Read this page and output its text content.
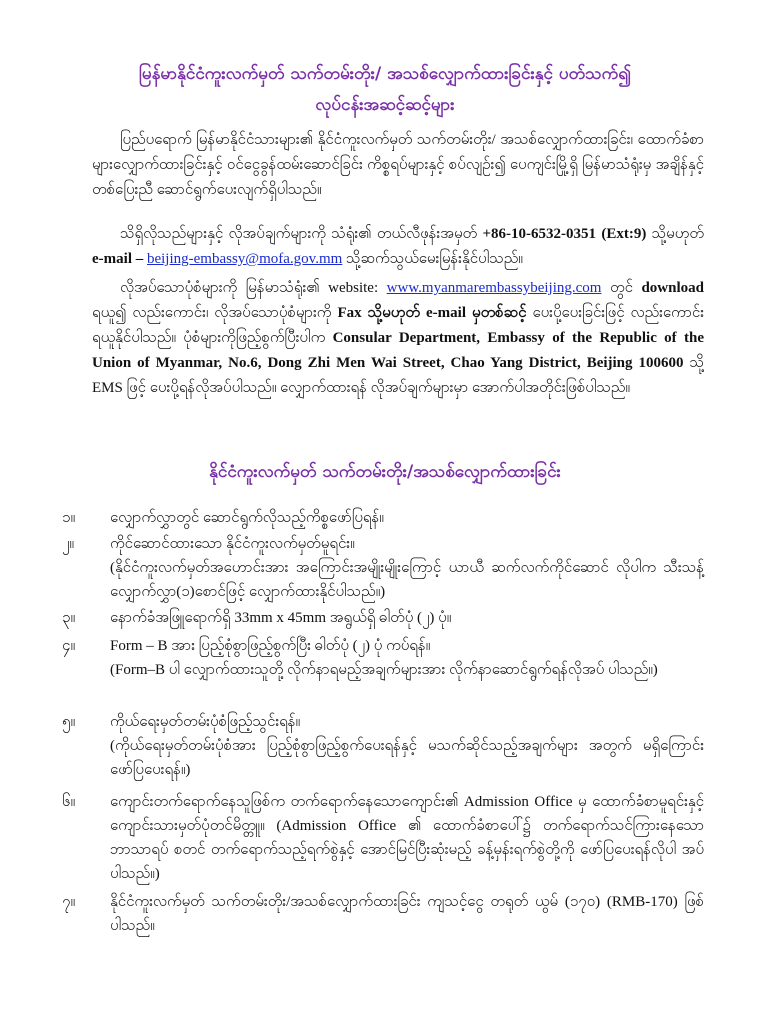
မြန်မာနိုင်ငံကူးလက်မှတ် သက်တမ်းတိုး/ အသစ်လျှောက်ထားခြင်းနှင့် ပတ်သက်၍
လုပ်ငန်းအဆင့်ဆင့်များ
ပြည်ပရောက် မြန်မာနိုင်ငံသားများ၏ နိုင်ငံကူးလက်မှတ် သက်တမ်းတိုး/ အသစ်လျှောက်ထားခြင်း၊ ထောက်ခံစာများလျှောက်ထားခြင်းနှင့် ဝင်ငွေခွန်ထမ်းဆောင်ခြင်း ကိစ္စရပ်များနှင့် စပ်လျဉ်း၍ ပေကျင်းမြို့ရှိ မြန်မာသံရုံးမှ အချိန်နှင့်တစ်ပြေးညီ ဆောင်ရွက်ပေးလျက်ရှိပါသည်။
သိရှိလိုသည်များနှင့် လိုအပ်ချက်များကို သံရုံး၏ တယ်လီဖုန်းအမှတ် +86-10-6532-0351 (Ext:9) သို့မဟုတ် e-mail – beijing-embassy@mofa.gov.mm သို့ဆက်သွယ်မေးမြန်းနိုင်ပါသည်။
လိုအပ်သောပုံစံများကို မြန်မာသံရုံး၏ website: www.myanmarembassybeijing.com တွင် download ရယူ၍ လည်းကောင်း၊ လိုအပ်သောပုံစံများကို Fax သို့မဟုတ် e-mail မှတစ်ဆင့် ပေးပို့ပေးခြင်းဖြင့် လည်းကောင်းရယူနိုင်ပါသည်။ ပုံစံများကိုဖြည့်စွက်ပြီးပါက Consular Department, Embassy of the Republic of the Union of Myanmar, No.6, Dong Zhi Men Wai Street, Chao Yang District, Beijing 100600 သို့ EMS ဖြင့် ပေးပို့ရန်လိုအပ်ပါသည်။ လျှောက်ထားရန် လိုအပ်ချက်များမှာ အောက်ပါအတိုင်းဖြစ်ပါသည်။
နိုင်ငံကူးလက်မှတ် သက်တမ်းတိုး/အသစ်လျှောက်ထားခြင်း
၁။	လျှောက်လွှာတွင် ဆောင်ရွက်လိုသည့်ကိစ္စဖော်ပြရန်။
၂။	ကိုင်ဆောင်ထားသော နိုင်ငံကူးလက်မှတ်မူရင်း။
(နိုင်ငံကူးလက်မှတ်အဟောင်းအား အကြောင်းအမျိုးမျိုးကြောင့် ယာယီ ဆက်လက်ကိုင်ဆောင် လိုပါက သီးသန့်လျှောက်လွှာ(၁)စောင်ဖြင့် လျှောက်ထားနိုင်ပါသည်။)
၃။	နောက်ခံအဖြူရောက်ရှိ 33mm x 45mm အရွယ်ရှိ ဓါတ်ပုံ (၂) ပုံ။
၄။	Form – B အား ပြည့်စုံစွာဖြည့်စွက်ပြီး ဓါတ်ပုံ (၂) ပုံ ကပ်ရန်။
(Form–B ပါ လျှောက်ထားသူတို့ လိုက်နာရမည့်အချက်များအား လိုက်နာဆောင်ရွက်ရန်လိုအပ် ပါသည်။)
၅။	ကိုယ်ရေးမှတ်တမ်းပုံစံဖြည့်သွင်းရန်။
(ကိုယ်ရေးမှတ်တမ်းပုံစံအား ပြည့်စုံစွာဖြည့်စွက်ပေးရန်နှင့် မသက်ဆိုင်သည့်အချက်များ အတွက် မရှိကြောင်း ဖော်ပြပေးရန်။)
၆။	ကျောင်းတက်ရောက်နေသူဖြစ်က တက်ရောက်နေသောကျောင်း၏ Admission Office မှ ထောက်ခံစာမူရင်းနှင့် ကျောင်းသားမှတ်ပုံတင်မိတ္တူ။ (Admission Office ၏ ထောက်ခံစာပေါ်၌ တက်ရောက်သင်ကြားနေသော ဘာသာရပ် စတင် တက်ရောက်သည့်ရက်စွဲနှင့် အောင်မြင်ပြီးဆုံးမည့် ခန့်မှန်းရက်စွဲတို့ကို ဖော်ပြပေးရန်လိုပါ အပ်ပါသည်။)
၇။	နိုင်ငံကူးလက်မှတ် သက်တမ်းတိုး/အသစ်လျှောက်ထားခြင်း ကျသင့်ငွေ တရုတ် ယွမ် (၁၇၀) (RMB-170) ဖြစ်ပါသည်။
